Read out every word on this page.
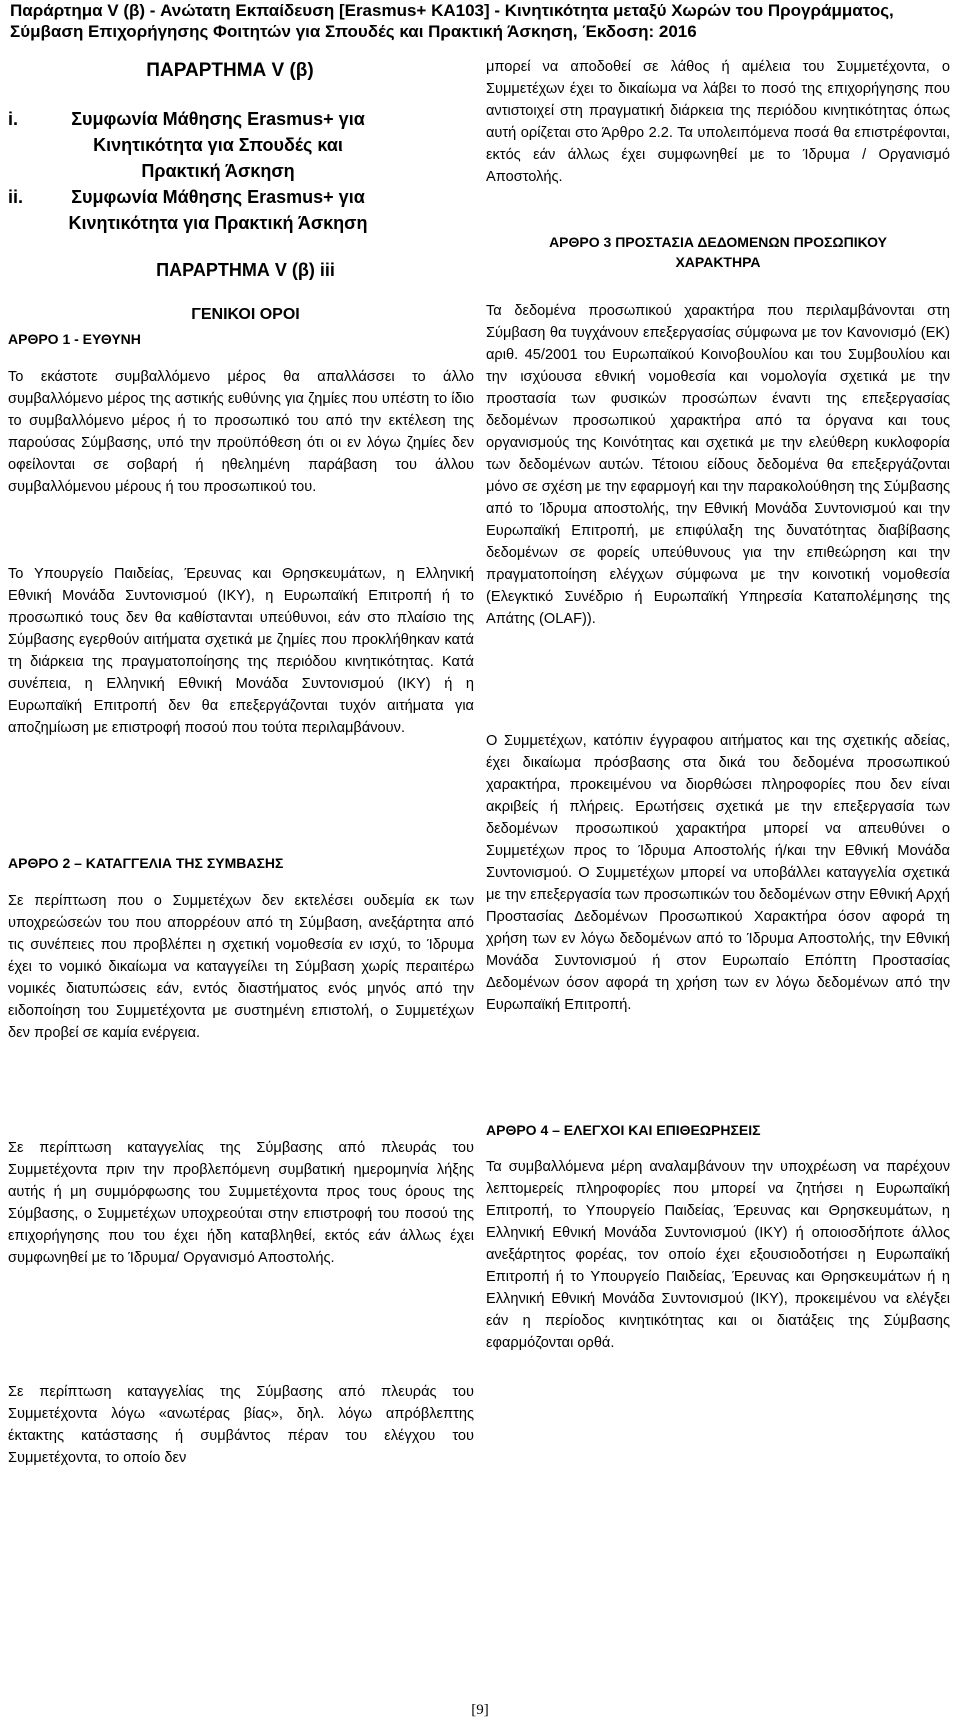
Παράρτημα V (β) - Ανώτατη Εκπαίδευση [Erasmus+ KA103] - Κινητικότητα μεταξύ Χωρών του Προγράμματος,
Σύμβαση Επιχορήγησης Φοιτητών για Σπουδές και Πρακτική Άσκηση, Έκδοση: 2016
ΠΑΡΑΡΤΗΜΑ V (β)
i.	Συμφωνία Μάθησης Erasmus+ για Κινητικότητα για Σπουδές και Πρακτική Άσκηση
ii.	Συμφωνία Μάθησης Erasmus+ για Κινητικότητα για Πρακτική Άσκηση
ΠΑΡΑΡΤΗΜΑ V (β) iii
ΓΕΝΙΚΟΙ ΟΡΟΙ
ΑΡΘΡΟ 1 - ΕΥΘΥΝΗ
Το εκάστοτε συμβαλλόμενο μέρος θα απαλλάσσει το άλλο συμβαλλόμενο μέρος της αστικής ευθύνης για ζημίες που υπέστη το ίδιο το συμβαλλόμενο μέρος ή το προσωπικό του από την εκτέλεση της παρούσας Σύμβασης, υπό την προϋπόθεση ότι οι εν λόγω ζημίες δεν οφείλονται σε σοβαρή ή ηθελημένη παράβαση του άλλου συμβαλλόμενου μέρους ή του προσωπικού του.
Το Υπουργείο Παιδείας, Έρευνας και Θρησκευμάτων, η Ελληνική Εθνική Μονάδα Συντονισμού (ΙΚΥ), η Ευρωπαϊκή Επιτροπή ή το προσωπικό τους δεν θα καθίστανται υπεύθυνοι, εάν στο πλαίσιο της Σύμβασης εγερθούν αιτήματα σχετικά με ζημίες που προκλήθηκαν κατά τη διάρκεια της πραγματοποίησης της περιόδου κινητικότητας. Κατά συνέπεια, η Ελληνική Εθνική Μονάδα Συντονισμού (ΙΚΥ) ή η Ευρωπαϊκή Επιτροπή δεν θα επεξεργάζονται τυχόν αιτήματα για αποζημίωση με επιστροφή ποσού που τούτα περιλαμβάνουν.
ΑΡΘΡΟ 2 – ΚΑΤΑΓΓΕΛΙΑ ΤΗΣ ΣΥΜΒΑΣΗΣ
Σε περίπτωση που ο Συμμετέχων δεν εκτελέσει ουδεμία εκ των υποχρεώσεών του που απορρέουν από τη Σύμβαση, ανεξάρτητα από τις συνέπειες που προβλέπει η σχετική νομοθεσία εν ισχύ, το Ίδρυμα έχει το νομικό δικαίωμα να καταγγείλει τη Σύμβαση χωρίς περαιτέρω νομικές διατυπώσεις εάν, εντός διαστήματος ενός μηνός από την ειδοποίηση του Συμμετέχοντα με συστημένη επιστολή, ο Συμμετέχων δεν προβεί σε καμία ενέργεια.
Σε περίπτωση καταγγελίας της Σύμβασης από πλευράς του Συμμετέχοντα πριν την προβλεπόμενη συμβατική ημερομηνία λήξης αυτής ή μη συμμόρφωσης του Συμμετέχοντα προς τους όρους της Σύμβασης, ο Συμμετέχων υποχρεούται στην επιστροφή του ποσού της επιχορήγησης που του έχει ήδη καταβληθεί, εκτός εάν άλλως έχει συμφωνηθεί με το Ίδρυμα/ Οργανισμό Αποστολής.
Σε περίπτωση καταγγελίας της Σύμβασης από πλευράς του Συμμετέχοντα λόγω «ανωτέρας βίας», δηλ. λόγω απρόβλεπτης έκτακτης κατάστασης ή συμβάντος πέραν του ελέγχου του Συμμετέχοντα, το οποίο δεν
μπορεί να αποδοθεί σε λάθος ή αμέλεια του Συμμετέχοντα, ο Συμμετέχων έχει το δικαίωμα να λάβει το ποσό της επιχορήγησης που αντιστοιχεί στη πραγματική διάρκεια της περιόδου κινητικότητας όπως αυτή ορίζεται στο Άρθρο 2.2. Τα υπολειπόμενα ποσά θα επιστρέφονται, εκτός εάν άλλως έχει συμφωνηθεί με το Ίδρυμα / Οργανισμό Αποστολής.
ΑΡΘΡΟ 3 ΠΡΟΣΤΑΣΙΑ ΔΕΔΟΜΕΝΩΝ ΠΡΟΣΩΠΙΚΟΥ ΧΑΡΑΚΤΗΡΑ
Τα δεδομένα προσωπικού χαρακτήρα που περιλαμβάνονται στη Σύμβαση θα τυγχάνουν επεξεργασίας σύμφωνα με τον Κανονισμό (ΕΚ) αριθ. 45/2001 του Ευρωπαϊκού Κοινοβουλίου και του Συμβουλίου και την ισχύουσα εθνική νομοθεσία και νομολογία σχετικά με την προστασία των φυσικών προσώπων έναντι της επεξεργασίας δεδομένων προσωπικού χαρακτήρα από τα όργανα και τους οργανισμούς της Κοινότητας και σχετικά με την ελεύθερη κυκλοφορία των δεδομένων αυτών. Τέτοιου είδους δεδομένα θα επεξεργάζονται μόνο σε σχέση με την εφαρμογή και την παρακολούθηση της Σύμβασης από το Ίδρυμα αποστολής, την Εθνική Μονάδα Συντονισμού και την Ευρωπαϊκή Επιτροπή, με επιφύλαξη της δυνατότητας διαβίβασης δεδομένων σε φορείς υπεύθυνους για την επιθεώρηση και την πραγματοποίηση ελέγχων σύμφωνα με την κοινοτική νομοθεσία (Ελεγκτικό Συνέδριο ή Ευρωπαϊκή Υπηρεσία Καταπολέμησης της Απάτης (OLAF)).
Ο Συμμετέχων, κατόπιν έγγραφου αιτήματος και της σχετικής αδείας, έχει δικαίωμα πρόσβασης στα δικά του δεδομένα προσωπικού χαρακτήρα, προκειμένου να διορθώσει πληροφορίες που δεν είναι ακριβείς ή πλήρεις. Ερωτήσεις σχετικά με την επεξεργασία των δεδομένων προσωπικού χαρακτήρα μπορεί να απευθύνει ο Συμμετέχων προς το Ίδρυμα Αποστολής ή/και την Εθνική Μονάδα Συντονισμού. Ο Συμμετέχων μπορεί να υποβάλλει καταγγελία σχετικά με την επεξεργασία των προσωπικών του δεδομένων στην Εθνική Αρχή Προστασίας Δεδομένων Προσωπικού Χαρακτήρα όσον αφορά τη χρήση των εν λόγω δεδομένων από το Ίδρυμα Αποστολής, την Εθνική Μονάδα Συντονισμού ή στον Ευρωπαίο Επόπτη Προστασίας Δεδομένων όσον αφορά τη χρήση των εν λόγω δεδομένων από την Ευρωπαϊκή Επιτροπή.
ΑΡΘΡΟ 4 – ΕΛΕΓΧΟΙ ΚΑΙ ΕΠΙΘΕΩΡΗΣΕΙΣ
Τα συμβαλλόμενα μέρη αναλαμβάνουν την υποχρέωση να παρέχουν λεπτομερείς πληροφορίες που μπορεί να ζητήσει η Ευρωπαϊκή Επιτροπή, το Υπουργείο Παιδείας, Έρευνας και Θρησκευμάτων, η Ελληνική Εθνική Μονάδα Συντονισμού (ΙΚΥ) ή οποιοσδήποτε άλλος ανεξάρτητος φορέας, τον οποίο έχει εξουσιοδοτήσει η Ευρωπαϊκή Επιτροπή ή το Υπουργείο Παιδείας, Έρευνας και Θρησκευμάτων ή η Ελληνική Εθνική Μονάδα Συντονισμού (ΙΚΥ), προκειμένου να ελέγξει εάν η περίοδος κινητικότητας και οι διατάξεις της Σύμβασης εφαρμόζονται ορθά.
[9]
